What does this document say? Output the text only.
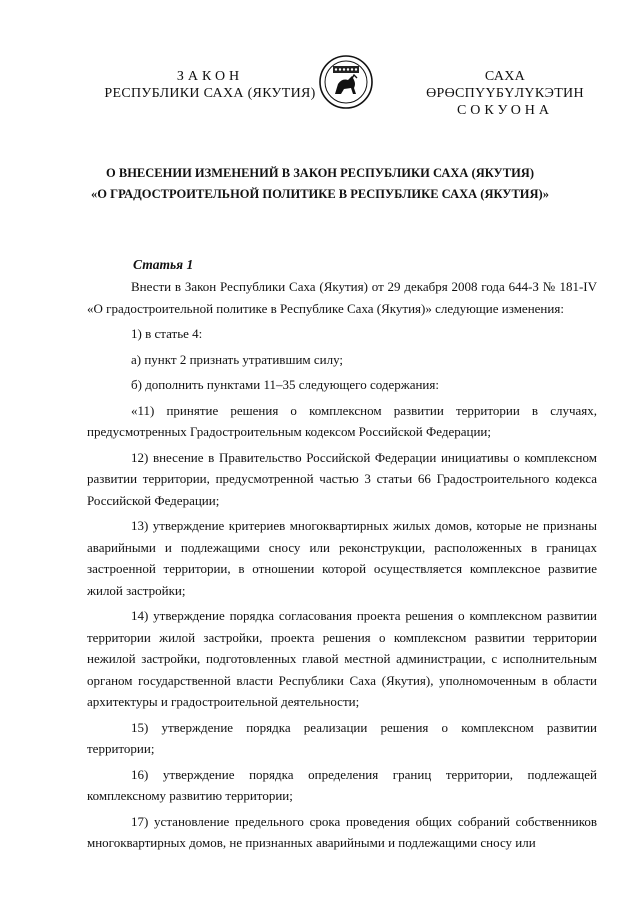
ЗАКОН
РЕСПУБЛИКИ САХА (ЯКУТИЯ)
САХА ӨРӨСПҮҮБҮЛҮКЭТИН
СОКУОНА
О ВНЕСЕНИИ ИЗМЕНЕНИЙ В ЗАКОН РЕСПУБЛИКИ САХА (ЯКУТИЯ)
«О ГРАДОСТРОИТЕЛЬНОЙ ПОЛИТИКЕ В РЕСПУБЛИКЕ САХА (ЯКУТИЯ)»
Статья 1

Внести в Закон Республики Саха (Якутия) от 29 декабря 2008 года 644-З № 181-IV «О градостроительной политике в Республике Саха (Якутия)» следующие изменения:

1) в статье 4:

а) пункт 2 признать утратившим силу;

б) дополнить пунктами 11–35 следующего содержания:

«11) принятие решения о комплексном развитии территории в случаях, предусмотренных Градостроительным кодексом Российской Федерации;

12) внесение в Правительство Российской Федерации инициативы о комплексном развитии территории, предусмотренной частью 3 статьи 66 Градостроительного кодекса Российской Федерации;

13) утверждение критериев многоквартирных жилых домов, которые не признаны аварийными и подлежащими сносу или реконструкции, расположенных в границах застроенной территории, в отношении которой осуществляется комплексное развитие жилой застройки;

14) утверждение порядка согласования проекта решения о комплексном развитии территории жилой застройки, проекта решения о комплексном развитии территории нежилой застройки, подготовленных главой местной администрации, с исполнительным органом государственной власти Республики Саха (Якутия), уполномоченным в области архитектуры и градостроительной деятельности;

15) утверждение порядка реализации решения о комплексном развитии территории;

16) утверждение порядка определения границ территории, подлежащей комплексному развитию территории;

17) установление предельного срока проведения общих собраний собственников многоквартирных домов, не признанных аварийными и подлежащими сносу или
